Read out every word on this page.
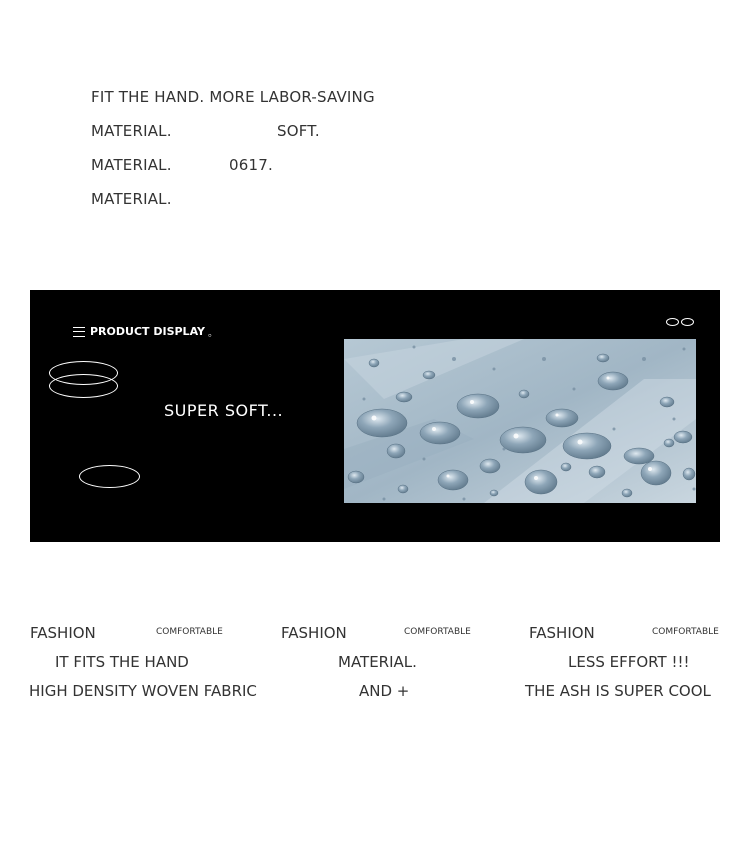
FIT THE HAND. MORE LABOR-SAVING
MATERIAL.	SOFT.
MATERIAL.	0617.
MATERIAL.
PRODUCT DISPLAY 。
SUPER SOFT...
FASHION	COMFORTABLE
IT FITS THE HAND
HIGH DENSITY WOVEN FABRIC
FASHION	COMFORTABLE
MATERIAL.
AND +
FASHION	COMFORTABLE
LESS EFFORT !!!
THE ASH IS SUPER COOL
